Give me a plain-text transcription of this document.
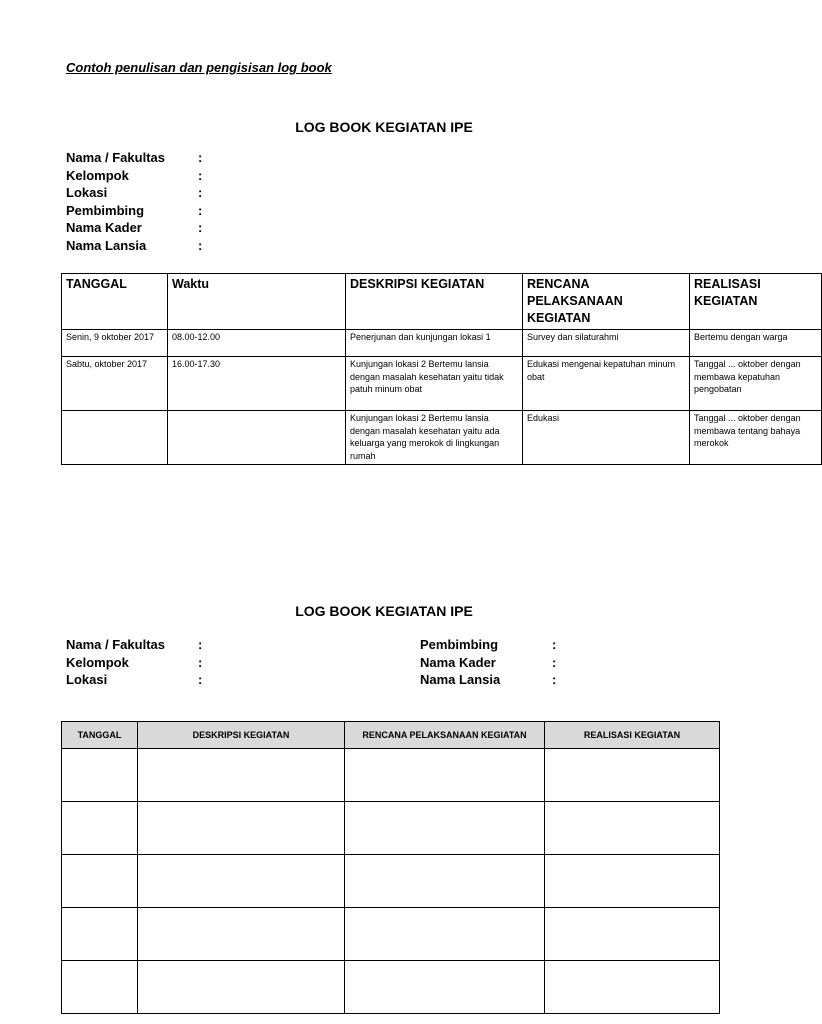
Contoh penulisan dan pengisisan log book
LOG BOOK KEGIATAN IPE
Nama / Fakultas	:
Kelompok	:
Lokasi	:
Pembimbing	:
Nama Kader	:
Nama Lansia	:
TANGGAL	Waktu	DESKRIPSI KEGIATAN	RENCANA PELAKSANAAN KEGIATAN	REALISASI KEGIATAN
Senin, 9 oktober 2017	08.00-12.00	Penerjunan dan kunjungan lokasi 1	Survey dan silaturahmi	Bertemu dengan warga
Sabtu, oktober 2017	16.00-17.30	Kunjungan lokasi 2 Bertemu lansia dengan masalah kesehatan yaitu tidak patuh minum obat	Edukasi mengenai kepatuhan minum obat	Tanggal ... oktober dengan membawa kepatuhan pengobatan
		Kunjungan lokasi 2 Bertemu lansia dengan masalah kesehatan yaitu ada keluarga yang merokok di lingkungan rumah	Edukasi	Tanggal ... oktober dengan membawa tentang bahaya merokok
LOG BOOK KEGIATAN IPE
Nama / Fakultas	:
Kelompok	:
Lokasi	:
Pembimbing	:
Nama Kader	:
Nama Lansia	:
TANGGAL	DESKRIPSI KEGIATAN	RENCANA PELAKSANAAN KEGIATAN	REALISASI KEGIATAN
